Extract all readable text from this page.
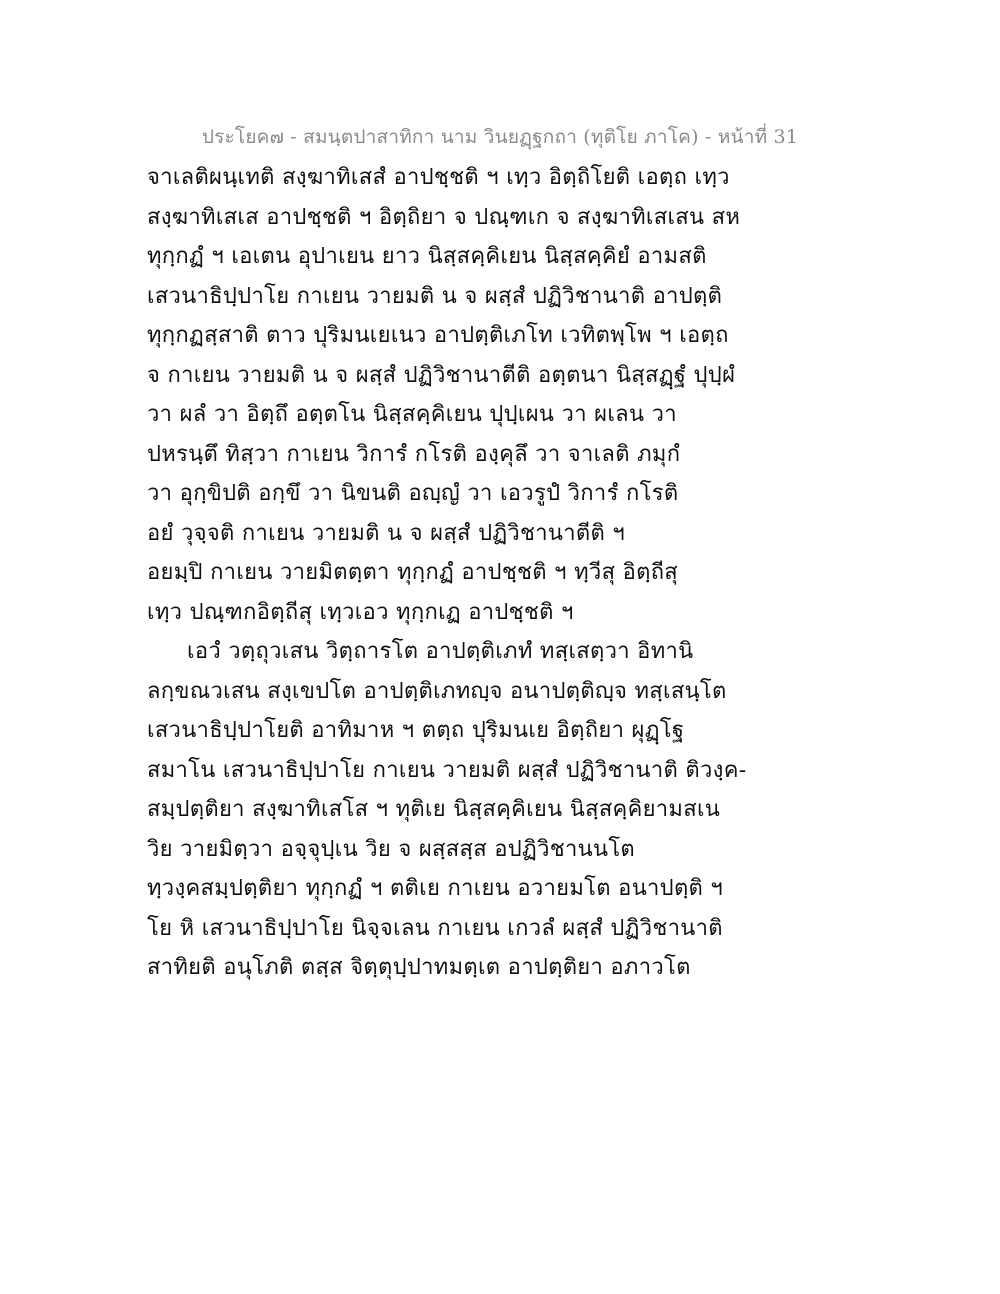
ประโยค๗ - สมนฺตปาสาทิกา นาม วินยฏฺฐกถา (ทุติโย ภาโค) - หน้าที่ 31
จาเลติผนฺเทติ สงฺฆาทิเสสํ อาปชฺชติ ฯ เทฺว อิตฺถิโยติ เอตฺถ เทฺว
สงฺฆาทิเสเส อาปชฺชติ ฯ อิตฺถิยา จ ปณฺฑเก จ สงฺฆาทิเสเสน สห
ทุกฺกฏํ ฯ เอเตน อุปาเยน ยาว นิสฺสคฺคิเยน นิสฺสคฺคิยํ อามสติ
เสวนาธิปฺปาโย กาเยน วายมติ น จ ผสฺสํ ปฏิวิชานาติ อาปตฺติ
ทุกฺกฏสฺสาติ ตาว ปุริมนเยเนว อาปตฺติเภโท เวทิตพฺโพ ฯ เอตฺถ
จ กาเยน วายมติ น จ ผสฺสํ ปฏิวิชานาตีติ อตฺตนา นิสฺสฏฺฐํ ปุปฺผํ
วา ผลํ วา อิตฺถึ อตฺตโน นิสฺสคฺคิเยน ปุปฺเผน วา ผเลน วา
ปหรนฺตึ ทิสฺวา กาเยน วิการํ กโรติ องฺคุลึ วา จาเลติ ภมุกํ
วา อุกฺขิปติ อกฺขึ วา นิขนติ อญฺญํ วา เอวรูปํ วิการํ กโรติ
อยํ วุจฺจติ กาเยน วายมติ น จ ผสฺสํ ปฏิวิชานาตีติ ฯ
อยมฺปิ กาเยน วายมิตตฺตา ทุกฺกฏํ อาปชฺชติ ฯ ทฺวีสุ อิตฺถีสุ
เทฺว ปณฺฑกอิตฺถีสุ เทฺวเอว ทุกฺกเฏ อาปชฺชติ ฯ
เอวํ วตฺถุวเสน วิตฺถารโต อาปตฺติเภทํ ทสฺเสตฺวา อิทานิ
ลกฺขณวเสน สงฺเขปโต อาปตฺติเภทญฺจ อนาปตฺติญฺจ ทสฺเสนฺโต
เสวนาธิปฺปาโยติ อาทิมาห ฯ ตตฺถ ปุริมนเย อิตฺถิยา ผุฏฺโฐ
สมาโน เสวนาธิปฺปาโย กาเยน วายมติ ผสฺสํ ปฏิวิชานาติ ติวงฺค-
สมฺปตฺติยา สงฺฆาทิเสโส ฯ ทุติเย นิสฺสคฺคิเยน นิสฺสคฺคิยามสเน
วิย วายมิตฺวา อจฺจุปฺเน วิย จ ผสฺสสฺส อปฏิวิชานนโต
ทฺวงฺคสมฺปตฺติยา ทุกฺกฏํ ฯ ตติเย กาเยน อวายมโต อนาปตฺติ ฯ
โย หิ เสวนาธิปฺปาโย นิจฺจเลน กาเยน เกวลํ ผสฺสํ ปฏิวิชานาติ
สาทิยติ อนุโภติ ตสฺส จิตฺตุปฺปาทมตฺเต อาปตฺติยา อภาวโต
